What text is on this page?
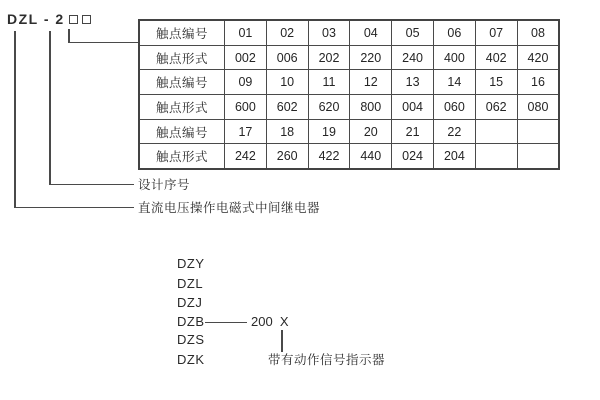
DZL - 2
触点编号	01	02	03	04	05	06	07	08
触点形式	002	006	202	220	240	400	402	420
触点编号	09	10	11	12	13	14	15	16
触点形式	600	602	620	800	004	060	062	080
触点编号	17	18	19	20	21	22		
触点形式	242	260	422	440	024	204		
设计序号
直流电压操作电磁式中间继电器
DZY
DZL
DZJ
DZB
DZS
DZK
200  X
带有动作信号指示器
